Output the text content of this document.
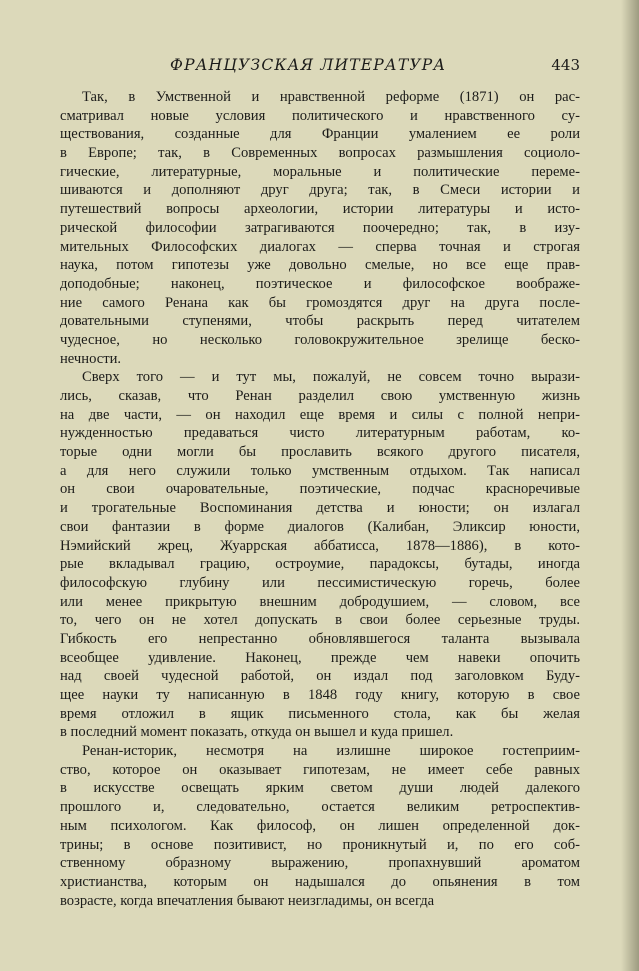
ФРАНЦУЗСКАЯ ЛИТЕРАТУРА	443
Так, в Умственной и нравственной реформе (1871) он рас-
сматривал новые условия политического и нравственного су-
ществования, созданные для Франции умалением ее роли
в Европе; так, в Современных вопросах размышления социоло-
гические, литературные, моральные и политические переме-
шиваются и дополняют друг друга; так, в Смеси истории и
путешествий вопросы археологии, истории литературы и исто-
рической философии затрагиваются поочередно; так, в изу-
мительных Философских диалогах — сперва точная и строгая
наука, потом гипотезы уже довольно смелые, но все еще прав-
доподобные; наконец, поэтическое и философское воображе-
ние самого Ренана как бы громоздятся друг на друга после-
довательными ступенями, чтобы раскрыть перед читателем
чудесное, но несколько головокружительное зрелище беско-
нечности.
Сверх того — и тут мы, пожалуй, не совсем точно вырази-
лись, сказав, что Ренан разделил свою умственную жизнь
на две части, — он находил еще время и силы с полной непри-
нужденностью предаваться чисто литературным работам, ко-
торые одни могли бы прославить всякого другого писателя,
а для него служили только умственным отдыхом. Так написал
он свои очаровательные, поэтические, подчас красноречивые
и трогательные Воспоминания детства и юности; он излагал
свои фантазии в форме диалогов (Калибан, Эликсир юности,
Нэмийский жрец, Жуаррская аббатисса, 1878—1886), в кото-
рые вкладывал грацию, остроумие, парадоксы, бутады, иногда
философскую глубину или пессимистическую горечь, более
или менее прикрытую внешним добродушием, — словом, все
то, чего он не хотел допускать в свои более серьезные труды.
Гибкость его непрестанно обновлявшегося таланта вызывала
всеобщее удивление. Наконец, прежде чем навеки опочить
над своей чудесной работой, он издал под заголовком Буду-
щее науки ту написанную в 1848 году книгу, которую в свое
время отложил в ящик письменного стола, как бы желая
в последний момент показать, откуда он вышел и куда пришел.
Ренан-историк, несмотря на излишне широкое гостеприим-
ство, которое он оказывает гипотезам, не имеет себе равных
в искусстве освещать ярким светом души людей далекого
прошлого и, следовательно, остается великим ретроспектив-
ным психологом. Как философ, он лишен определенной док-
трины; в основе позитивист, но проникнутый и, по его соб-
ственному образному выражению, пропахнувший ароматом
христианства, которым он надышался до опьянения в том
возрасте, когда впечатления бывают неизгладимы, он всегда
